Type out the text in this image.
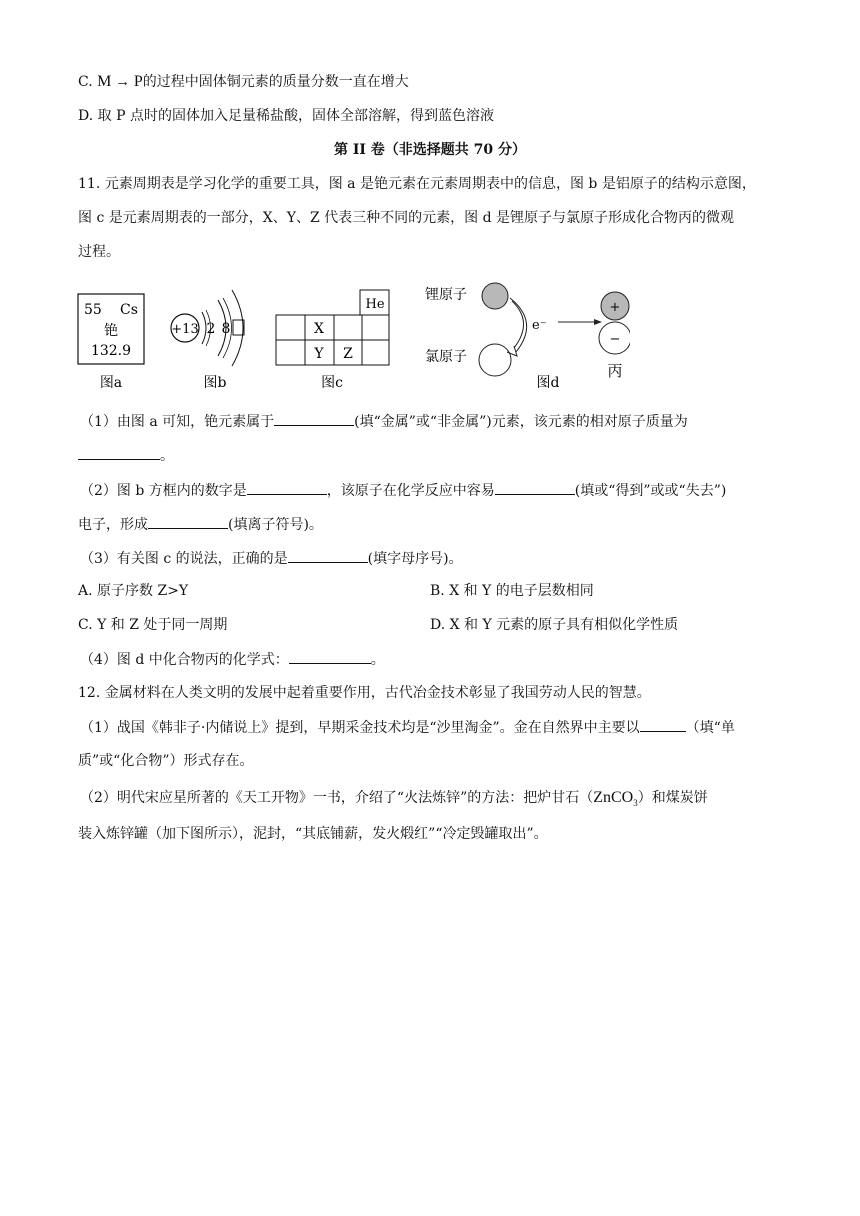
C. M → P的过程中固体铜元素的质量分数一直在增大
D. 取 P 点时的固体加入足量稀盐酸，固体全部溶解，得到蓝色溶液
第 II 卷（非选择题共 70 分）
11. 元素周期表是学习化学的重要工具，图 a 是铯元素在元素周期表中的信息，图 b 是铝原子的结构示意图，
图 c 是元素周期表的一部分，X、Y、Z 代表三种不同的元素，图 d 是锂原子与氯原子形成化合物丙的微观
过程。
55 Cs
铯
132.9
图a
+13 2 8
图b
He
X
Y Z
图c
锂原子
氯原子
e⁻
+
−
丙
图d
（1）由图 a 可知，铯元素属于	(填“金属”或“非金属”)元素，该元素的相对原子质量为
。
（2）图 b 方框内的数字是	，该原子在化学反应中容易	(填或“得到”或或“失去”)
电子，形成	(填离子符号)。
（3）有关图 c 的说法，正确的是	(填字母序号)。
A. 原子序数 Z>Y	B. X 和 Y 的电子层数相同
C. Y 和 Z 处于同一周期	D. X 和 Y 元素的原子具有相似化学性质
（4）图 d 中化合物丙的化学式：	。
12. 金属材料在人类文明的发展中起着重要作用，古代冶金技术彰显了我国劳动人民的智慧。
（1）战国《韩非子·内储说上》提到，早期采金技术均是“沙里淘金”。金在自然界中主要以	（填“单
质”或“化合物”）形式存在。
（2）明代宋应星所著的《天工开物》一书，介绍了“火法炼锌”的方法：把炉甘石（ZnCO$_3$）和煤炭饼
装入炼锌罐（加下图所示），泥封，“其底铺薪，发火煅红”“冷定毁罐取出”。
